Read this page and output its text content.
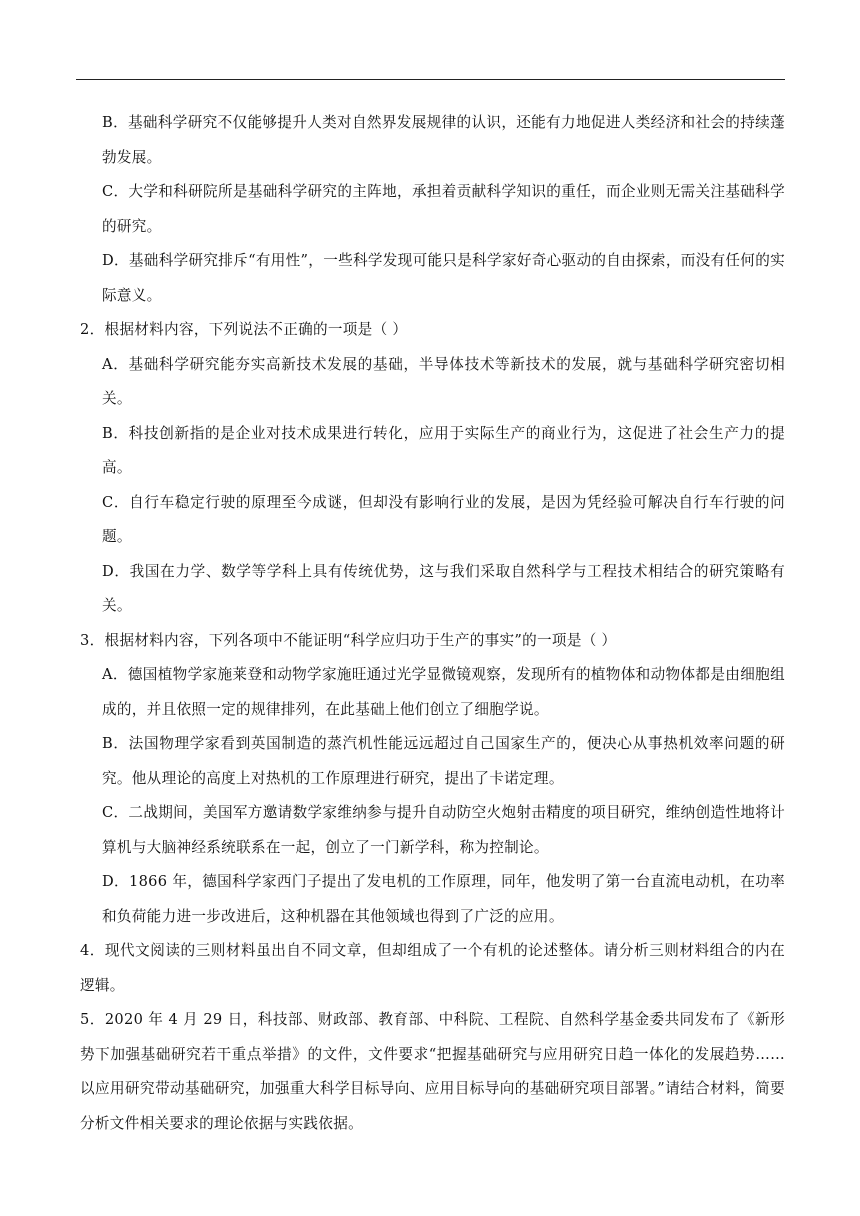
B．基础科学研究不仅能够提升人类对自然界发展规律的认识，还能有力地促进人类经济和社会的持续蓬勃发展。

C．大学和科研院所是基础科学研究的主阵地，承担着贡献科学知识的重任，而企业则无需关注基础科学的研究。

D．基础科学研究排斥“有用性”，一些科学发现可能只是科学家好奇心驱动的自由探索，而没有任何的实际意义。

2．根据材料内容，下列说法不正确的一项是（ ）

A．基础科学研究能夯实高新技术发展的基础，半导体技术等新技术的发展，就与基础科学研究密切相关。

B．科技创新指的是企业对技术成果进行转化，应用于实际生产的商业行为，这促进了社会生产力的提高。

C．自行车稳定行驶的原理至今成谜，但却没有影响行业的发展，是因为凭经验可解决自行车行驶的问题。

D．我国在力学、数学等学科上具有传统优势，这与我们采取自然科学与工程技术相结合的研究策略有关。

3．根据材料内容，下列各项中不能证明“科学应归功于生产的事实”的一项是（ ）

A．德国植物学家施莱登和动物学家施旺通过光学显微镜观察，发现所有的植物体和动物体都是由细胞组成的，并且依照一定的规律排列，在此基础上他们创立了细胞学说。

B．法国物理学家看到英国制造的蒸汽机性能远远超过自己国家生产的，便决心从事热机效率问题的研究。他从理论的高度上对热机的工作原理进行研究，提出了卡诺定理。

C．二战期间，美国军方邀请数学家维纳参与提升自动防空火炮射击精度的项目研究，维纳创造性地将计算机与大脑神经系统联系在一起，创立了一门新学科，称为控制论。

D．1866 年，德国科学家西门子提出了发电机的工作原理，同年，他发明了第一台直流电动机，在功率和负荷能力进一步改进后，这种机器在其他领域也得到了广泛的应用。

4．现代文阅读的三则材料虽出自不同文章，但却组成了一个有机的论述整体。请分析三则材料组合的内在逻辑。

5．2020 年 4 月 29 日，科技部、财政部、教育部、中科院、工程院、自然科学基金委共同发布了《新形势下加强基础研究若干重点举措》的文件，文件要求“把握基础研究与应用研究日趋一体化的发展趋势……以应用研究带动基础研究，加强重大科学目标导向、应用目标导向的基础研究项目部署。”请结合材料，简要分析文件相关要求的理论依据与实践依据。
